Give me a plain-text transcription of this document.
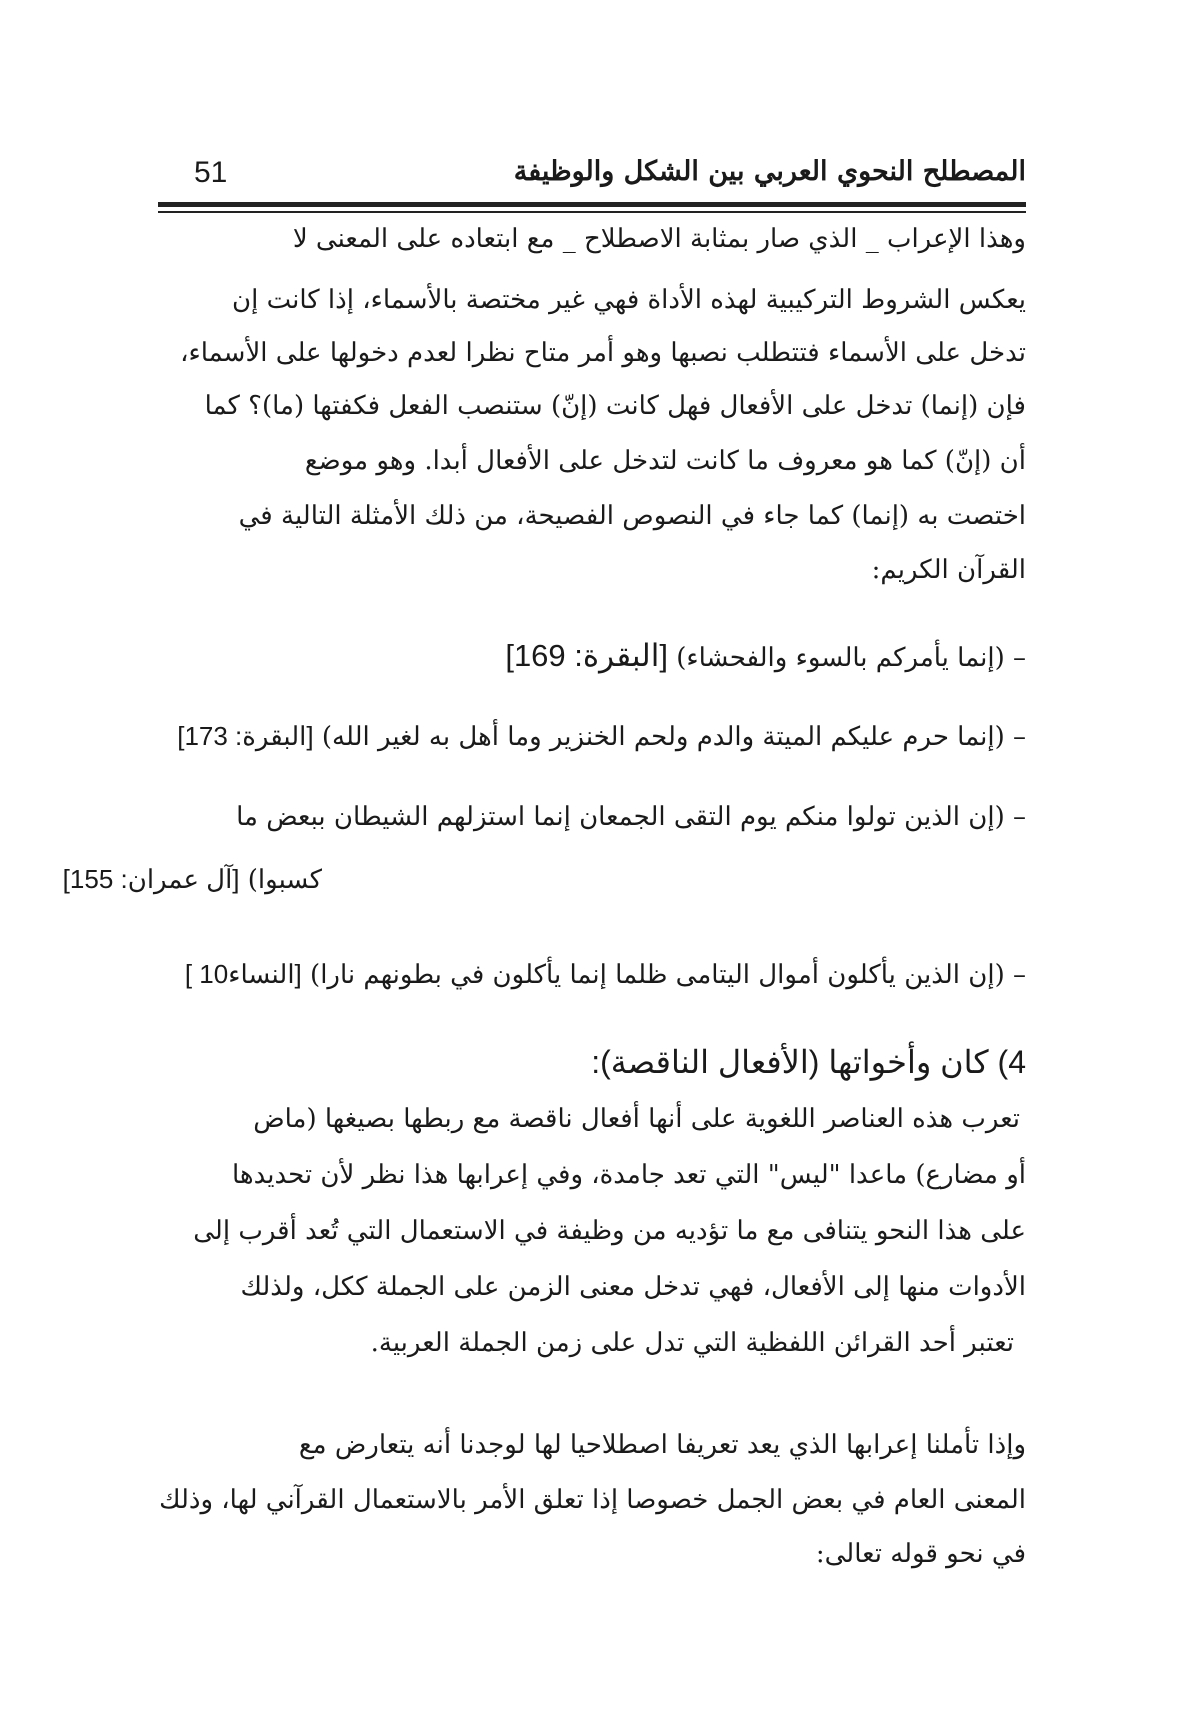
المصطلح النحوي العربي بين الشكل والوظيفة
51
وهذا الإعراب _ الذي صار بمثابة الاصطلاح _ مع ابتعاده على المعنى لا
يعكس الشروط التركيبية لهذه الأداة فهي غير مختصة بالأسماء، إذا كانت إن
تدخل على الأسماء فتتطلب نصبها وهو أمر متاح نظرا لعدم دخولها على الأسماء،
فإن (إنما) تدخل على الأفعال فهل كانت (إنّ) ستنصب الفعل فكفتها (ما)؟ كما
أن (إنّ) كما هو معروف ما كانت لتدخل على الأفعال أبدا. وهو موضع
اختصت به (إنما) كما جاء في النصوص الفصيحة، من ذلك الأمثلة التالية في
القرآن الكريم:
– (إنما يأمركم بالسوء والفحشاء) [البقرة: 169]
– (إنما حرم عليكم الميتة والدم ولحم الخنزير وما أهل به لغير الله) [البقرة: 173]
– (إن الذين تولوا منكم يوم التقى الجمعان إنما استزلهم الشيطان ببعض ما
كسبوا) [آل عمران: 155]
– (إن الذين يأكلون أموال اليتامى ظلما إنما يأكلون في بطونهم نارا) [النساء10 ]
4) كان وأخواتها (الأفعال الناقصة):
تعرب هذه العناصر اللغوية على أنها أفعال ناقصة مع ربطها بصيغها (ماض
أو مضارع) ماعدا "ليس" التي تعد جامدة، وفي إعرابها هذا نظر لأن تحديدها
على هذا النحو يتنافى مع ما تؤديه من وظيفة في الاستعمال التي تُعد أقرب إلى
الأدوات منها إلى الأفعال، فهي تدخل معنى الزمن على الجملة ككل، ولذلك
تعتبر أحد القرائن اللفظية التي تدل على زمن الجملة العربية.
وإذا تأملنا إعرابها الذي يعد تعريفا اصطلاحيا لها لوجدنا أنه يتعارض مع
المعنى العام في بعض الجمل خصوصا إذا تعلق الأمر بالاستعمال القرآني لها، وذلك
في نحو قوله تعالى:
